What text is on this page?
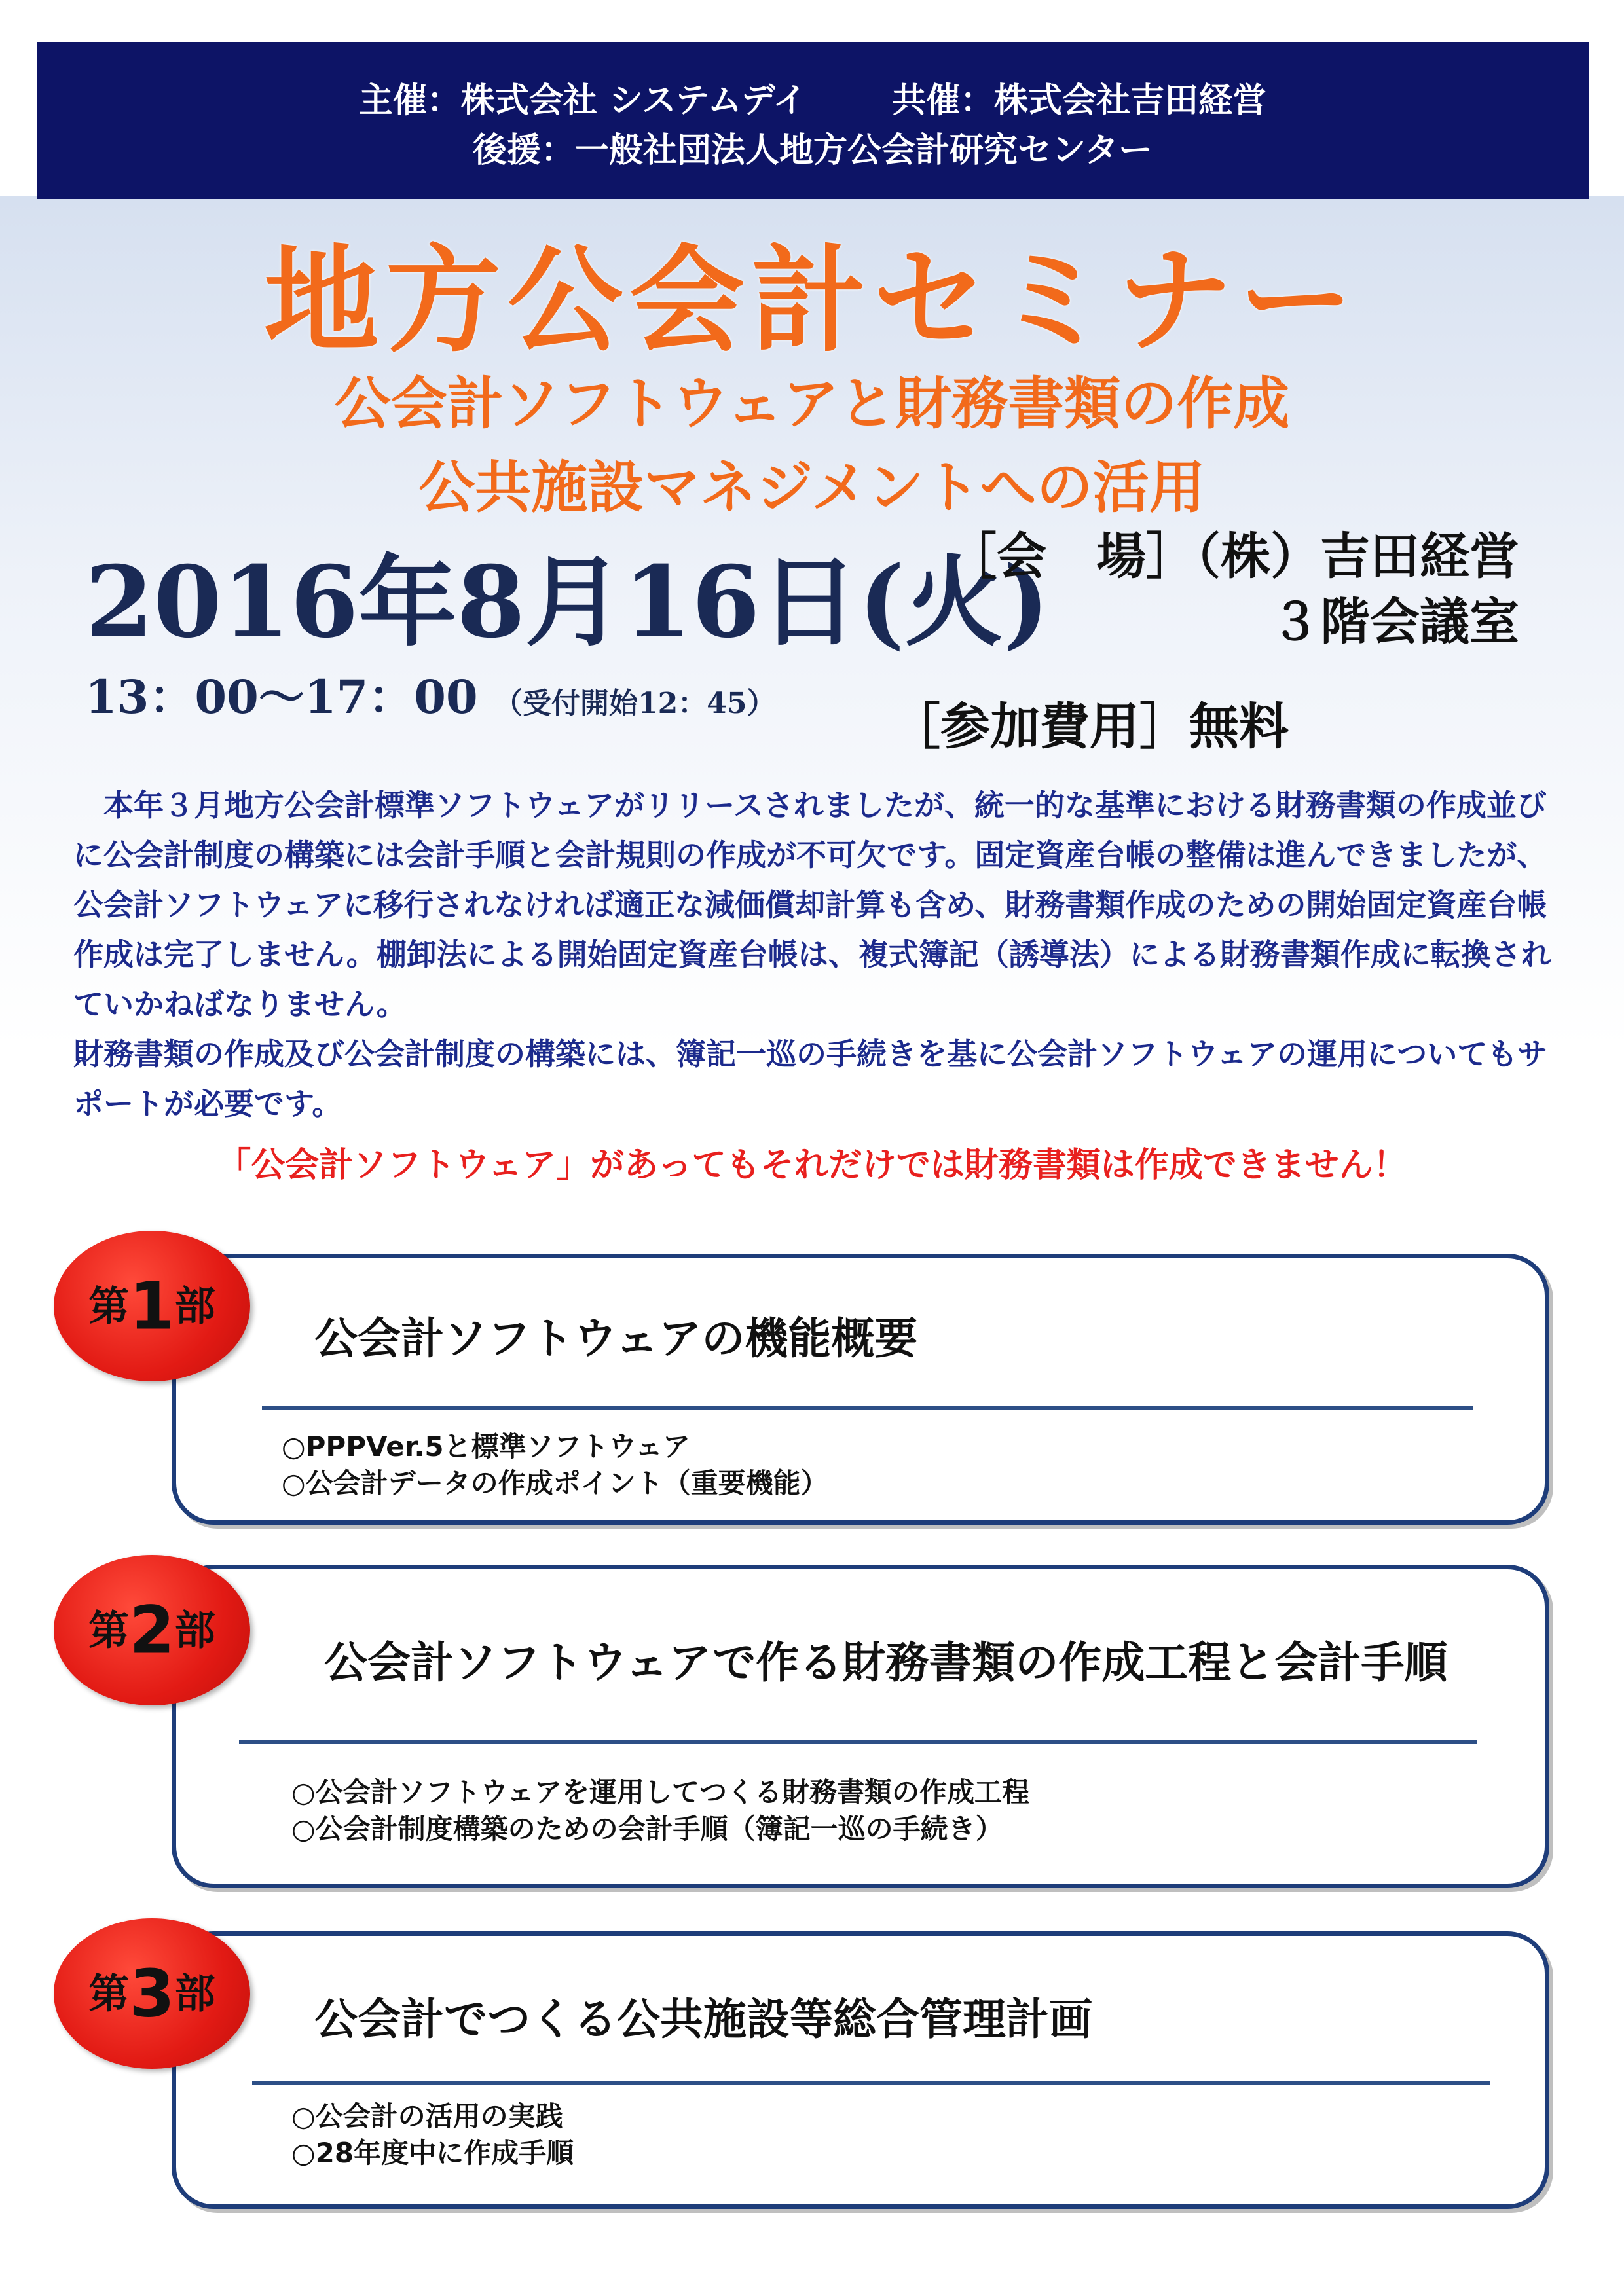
主催：株式会社 システムデイ	共催：株式会社吉田経営
後援：一般社団法人地方公会計研究センター
地方公会計セミナー
公会計ソフトウェアと財務書類の作成
公共施設マネジメントへの活用
2016年8月16日(火)
13：00～17：00 （受付開始12：45）
［会　場］（株）吉田経営
３階会議室
［参加費用］無料

本年３月地方公会計標準ソフトウェアがリリースされましたが、統一的な基準における財務書類の作成並びに公会計制度の構築には会計手順と会計規則の作成が不可欠です。固定資産台帳の整備は進んできましたが、公会計ソフトウェアに移行されなければ適正な減価償却計算も含め、財務書類作成のための開始固定資産台帳作成は完了しません。棚卸法による開始固定資産台帳は、複式簿記（誘導法）による財務書類作成に転換されていかねばなりません。

財務書類の作成及び公会計制度の構築には、簿記一巡の手続きを基に公会計ソフトウェアの運用についてもサポートが必要です。

「公会計ソフトウェア」があってもそれだけでは財務書類は作成できません！
第1部
公会計ソフトウェアの機能概要
○PPPVer.5と標準ソフトウェア
○公会計データの作成ポイント（重要機能）
第2部
公会計ソフトウェアで作る財務書類の作成工程と会計手順
○公会計ソフトウェアを運用してつくる財務書類の作成工程
○公会計制度構築のための会計手順（簿記一巡の手続き）
第3部
公会計でつくる公共施設等総合管理計画
○公会計の活用の実践
○28年度中に作成手順
